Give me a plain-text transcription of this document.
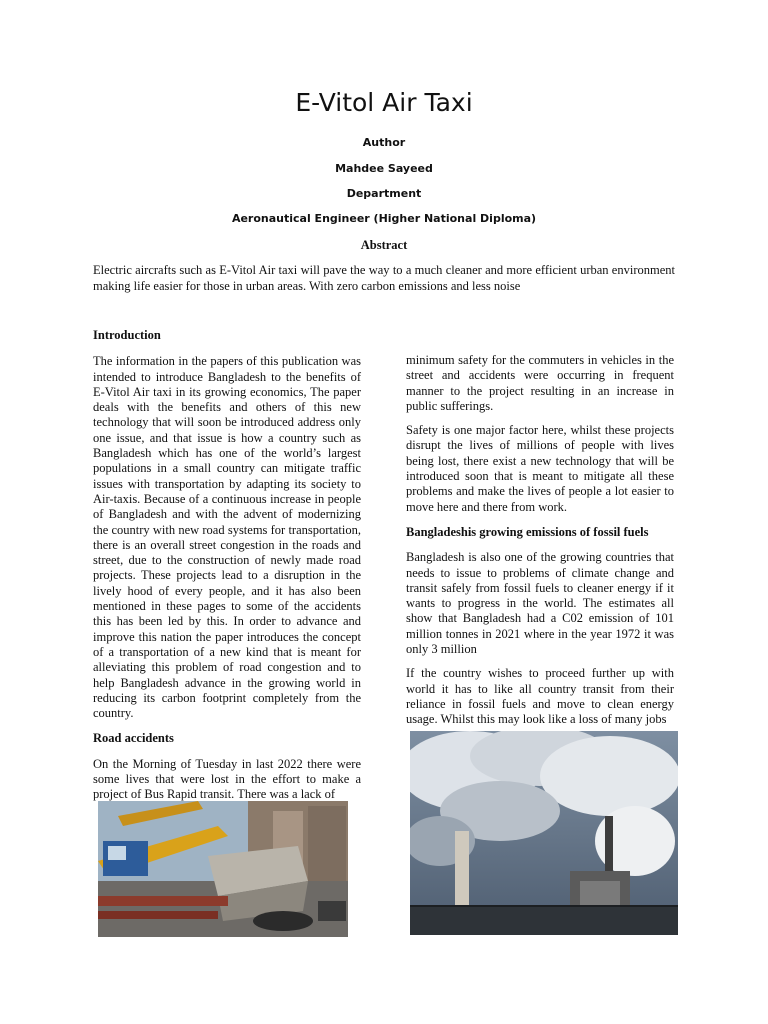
E-Vitol Air Taxi
Author
Mahdee Sayeed
Department
Aeronautical Engineer (Higher National Diploma)
Abstract
Electric aircrafts such as E-Vitol Air taxi will pave the way to a much cleaner and more efficient urban environment making life easier for those in urban areas. With zero carbon emissions and less noise
Introduction

The information in the papers of this publication was intended to introduce Bangladesh to the benefits of E-Vitol Air taxi in its growing economics, The paper deals with the benefits and others of this new technology that will soon be introduced address only one issue, and that issue is how a country such as Bangladesh which has one of the world’s largest populations in a small country can mitigate traffic issues with transportation by adapting its society to Air-taxis. Because of a continuous increase in people of Bangladesh and with the advent of modernizing the country with new road systems for transportation, there is an overall street congestion in the roads and street, due to the construction of newly made road projects. These projects lead to a disruption in the lively hood of every people, and it has also been mentioned in these pages to some of the accidents this has been led by this. In order to advance and improve this nation the paper introduces the concept of a transportation of a new kind that is meant for alleviating this problem of road congestion and to help Bangladesh advance in the growing world in reducing its carbon footprint completely from the country.

Road accidents

On the Morning of Tuesday in last 2022 there were some lives that were lost in the effort to make a project of Bus Rapid transit. There was a lack of

minimum safety for the commuters in vehicles in the street and accidents were occurring in frequent manner to the project resulting in an increase in public sufferings.

Safety is one major factor here, whilst these projects disrupt the lives of millions of people with lives being lost, there exist a new technology that will be introduced soon that is meant to mitigate all these problems and make the lives of people a lot easier to move here and there from work.

Bangladeshis growing emissions of fossil fuels

Bangladesh is also one of the growing countries that needs to issue to problems of climate change and transit safely from fossil fuels to cleaner energy if it wants to progress in the world. The estimates all show that Bangladesh had a C02 emission of 101 million tonnes in 2021 where in the year 1972 it was only 3 million

If the country wishes to proceed further up with world it has to like all country transit from their reliance in fossil fuels and move to clean energy usage. Whilst this may look like a loss of many jobs
